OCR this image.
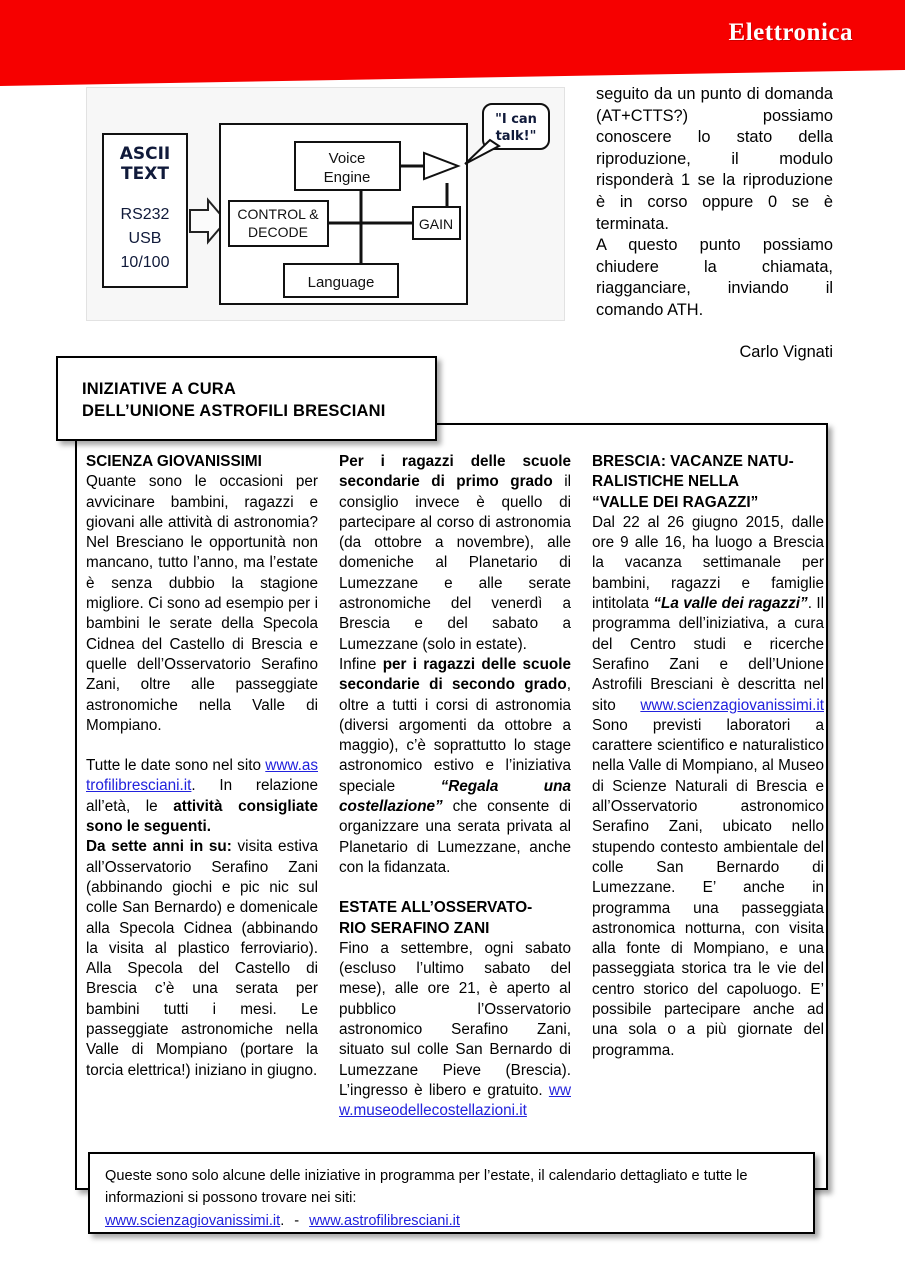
Elettronica
ASCII
TEXT
RS232
USB
10/100
Voice
Engine
CONTROL &
DECODE
Language
GAIN
"I can
talk!"

seguito da un punto di domanda (AT+CTTS?) possiamo conoscere lo stato della riproduzione, il modulo risponderà 1 se la riproduzione è in corso oppure 0 se è terminata.

A questo punto possiamo chiudere la chiamata, riagganciare, inviando il comando ATH.

Carlo Vignati
INIZIATIVE A CURA
DELL’UNIONE ASTROFILI BRESCIANI

SCIENZA GIOVANISSIMI

Quante sono le occasioni per avvicinare bambini, ragazzi e giovani alle attività di astronomia? Nel Bresciano le opportunità non mancano, tutto l’anno, ma l’estate è senza dubbio la stagione migliore. Ci sono ad esempio per i bambini le serate della Specola Cidnea del Castello di Brescia e quelle dell’Osservatorio Serafino Zani, oltre alle passeggiate astronomiche nella Valle di Mompiano.

Tutte le date sono nel sito www.astrofilibresciani.it. In relazione all’età, le attività consigliate sono le seguenti.

Da sette anni in su: visita estiva all’Osservatorio Serafino Zani (abbinando giochi e pic nic sul colle San Bernardo) e domenicale alla Specola Cidnea (abbinando la visita al plastico ferroviario). Alla Specola del Castello di Brescia c’è una serata per bambini tutti i mesi. Le passeggiate astronomiche nella Valle di Mompiano (portare la torcia elettrica!) iniziano in giugno.

Per i ragazzi delle scuole secondarie di primo grado il consiglio invece è quello di partecipare al corso di astronomia (da ottobre a novembre), alle domeniche al Planetario di Lumezzane e alle serate astronomiche del venerdì a Brescia e del sabato a Lumezzane (solo in estate).

Infine per i ragazzi delle scuole secondarie di secondo grado, oltre a tutti i corsi di astronomia (diversi argomenti da ottobre a maggio), c’è soprattutto lo stage astronomico estivo e l’iniziativa speciale “Regala una costellazione” che consente di organizzare una serata privata al Planetario di Lumezzane, anche con la fidanzata.

ESTATE ALL’OSSERVATO-
RIO SERAFINO ZANI

Fino a settembre, ogni sabato (escluso l’ultimo sabato del mese), alle ore 21, è aperto al pubblico l’Osservatorio astronomico Serafino Zani, situato sul colle San Bernardo di Lumezzane Pieve (Brescia). L’ingresso è libero e gratuito. www.museodellecostellazioni.it

BRESCIA: VACANZE NATU-
RALISTICHE NELLA
“VALLE DEI RAGAZZI”

Dal 22 al 26 giugno 2015, dalle ore 9 alle 16, ha luogo a Brescia la vacanza settimanale per bambini, ragazzi e famiglie intitolata “La valle dei ragazzi”. Il programma dell’iniziativa, a cura del Centro studi e ricerche Serafino Zani e dell’Unione Astrofili Bresciani è descritta nel sito www.scienzagiovanissimi.it Sono previsti laboratori a carattere scientifico e naturalistico nella Valle di Mompiano, al Museo di Scienze Naturali di Brescia e all’Osservatorio astronomico Serafino Zani, ubicato nello stupendo contesto ambientale del colle San Bernardo di Lumezzane. E’ anche in programma una passeggiata astronomica notturna, con visita alla fonte di Mompiano, e una passeggiata storica tra le vie del centro storico del capoluogo. E’ possibile partecipare anche ad una sola o a più giornate del programma.

Queste sono solo alcune delle iniziative in programma per l’estate, il calendario dettagliato e tutte le informazioni si possono trovare nei siti:
www.scienzagiovanissimi.it. - www.astrofilibresciani.it
